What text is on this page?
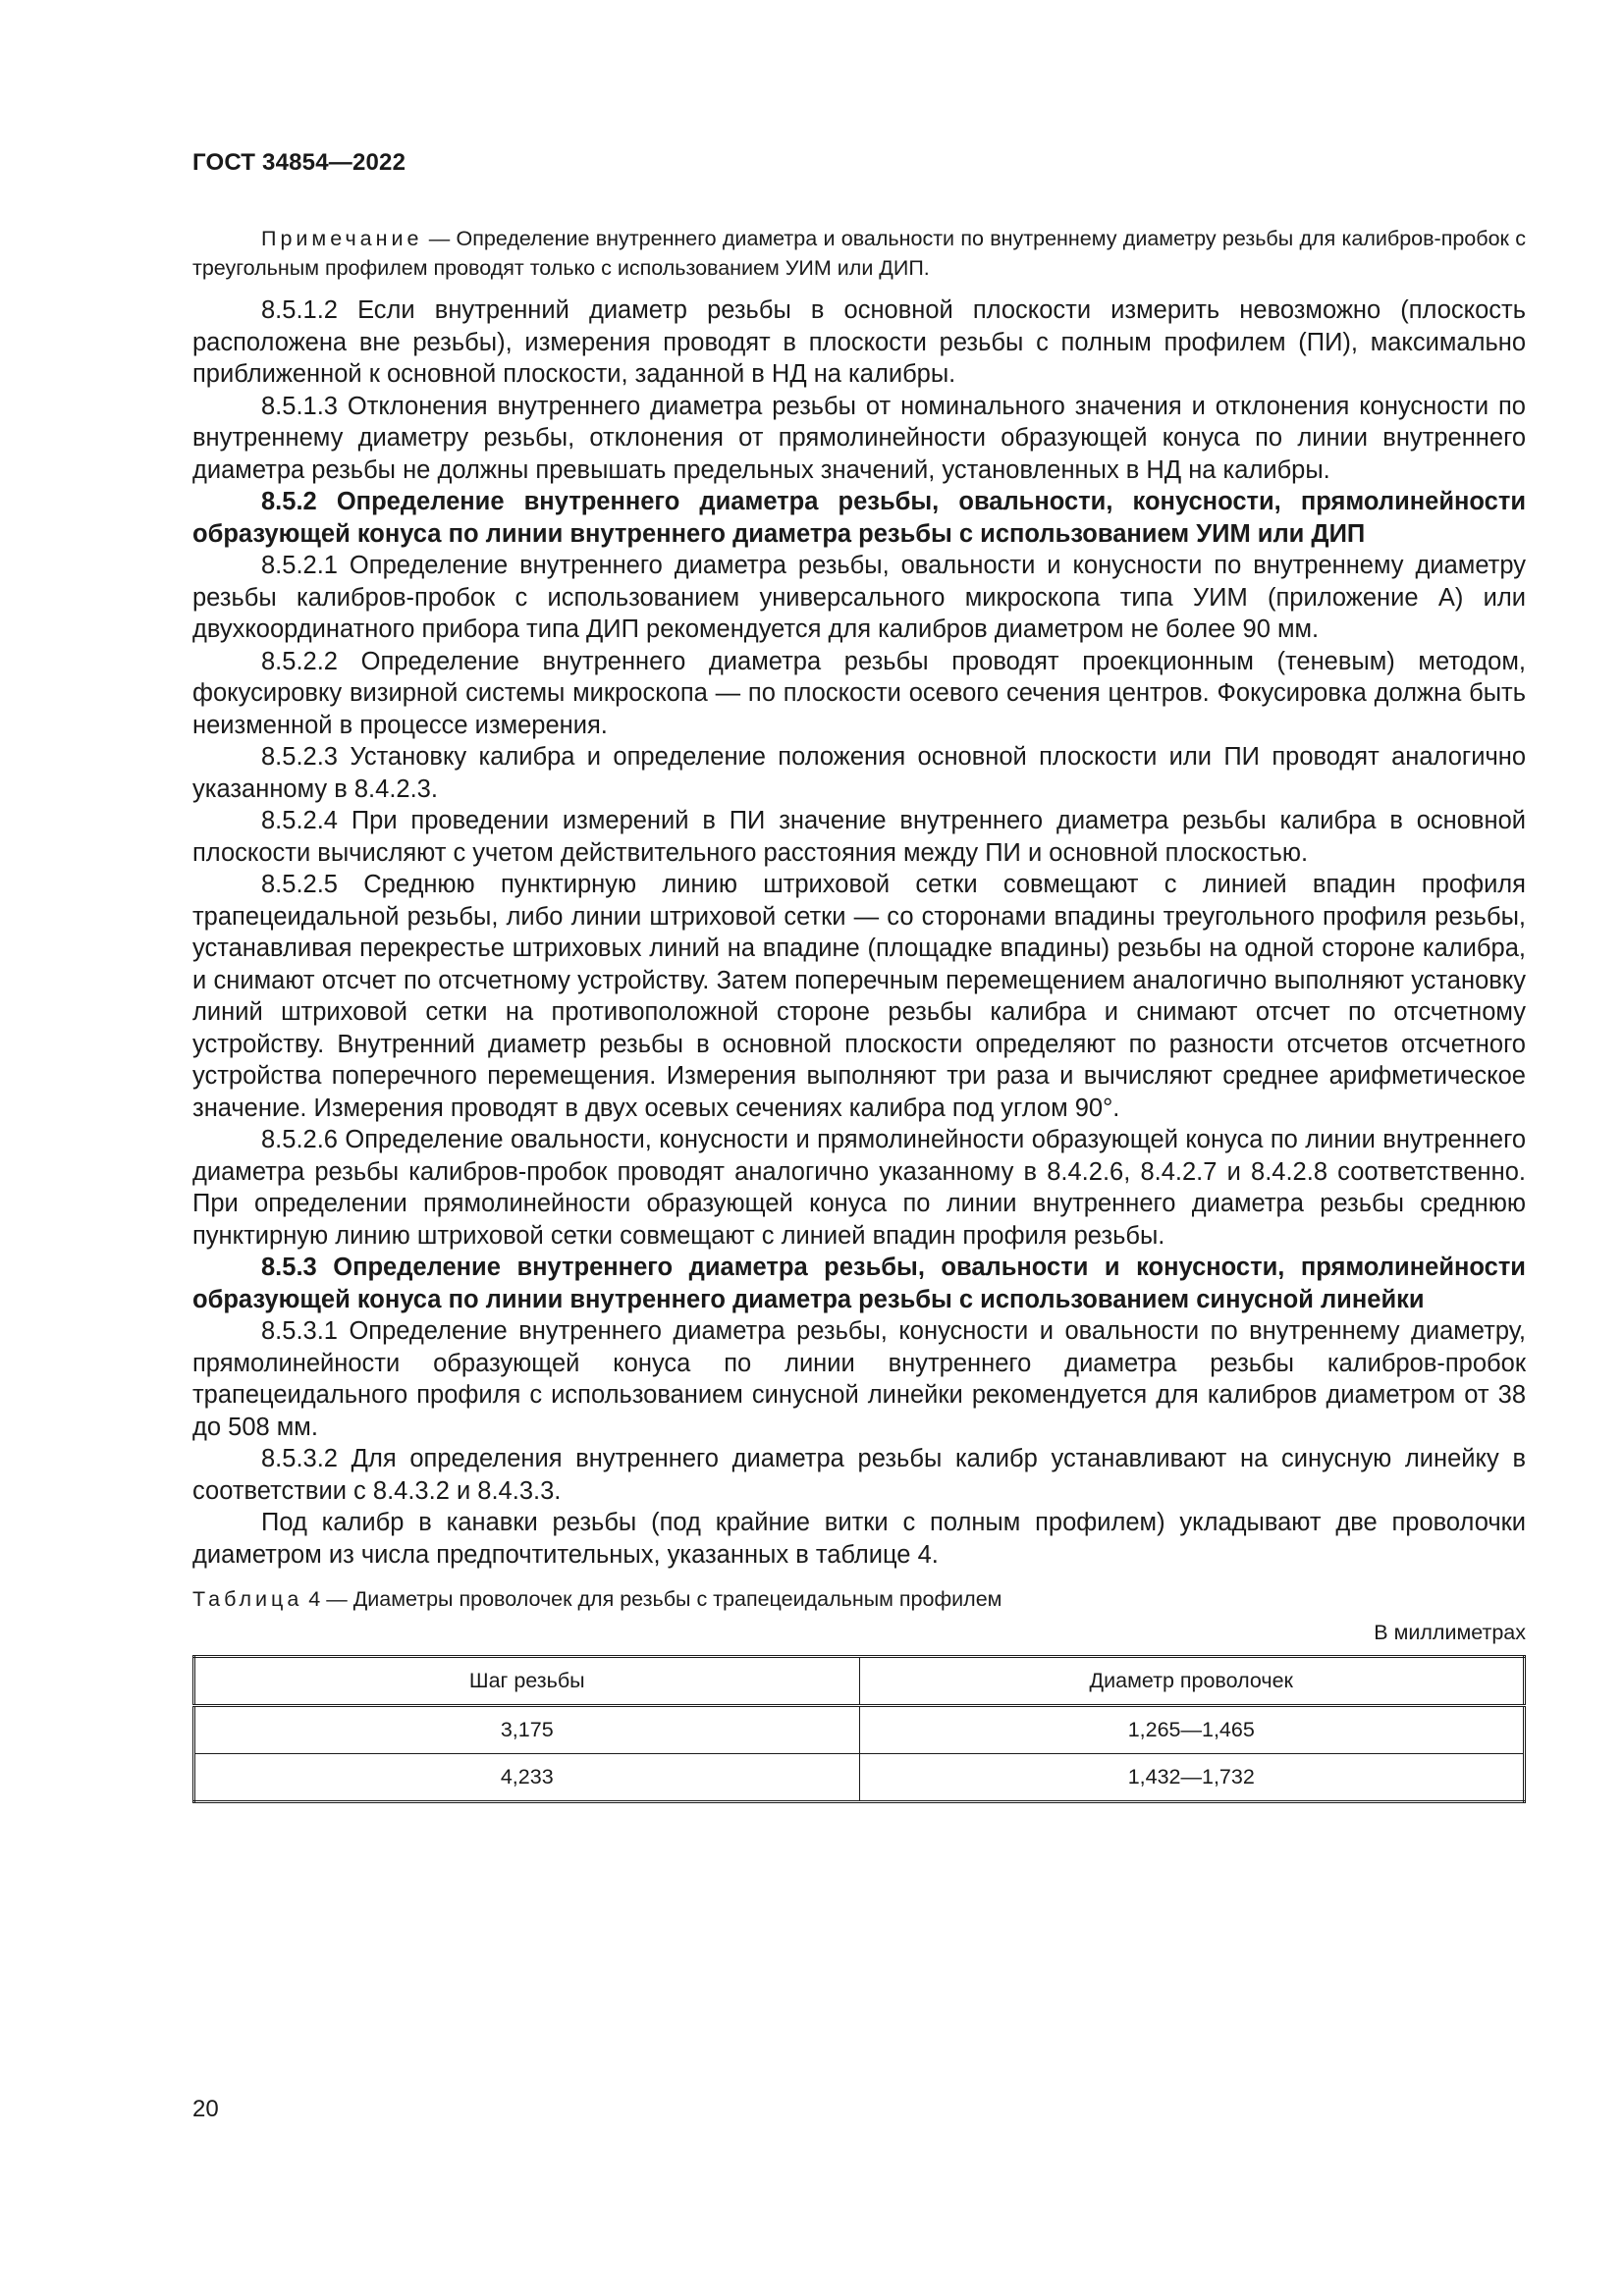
ГОСТ 34854—2022

Примечание — Определение внутреннего диаметра и овальности по внутреннему диаметру резьбы для калибров-пробок с треугольным профилем проводят только с использованием УИМ или ДИП.

8.5.1.2 Если внутренний диаметр резьбы в основной плоскости измерить невозможно (плоскость расположена вне резьбы), измерения проводят в плоскости резьбы с полным профилем (ПИ), максимально приближенной к основной плоскости, заданной в НД на калибры.

8.5.1.3 Отклонения внутреннего диаметра резьбы от номинального значения и отклонения конусности по внутреннему диаметру резьбы, отклонения от прямолинейности образующей конуса по линии внутреннего диаметра резьбы не должны превышать предельных значений, установленных в НД на калибры.

8.5.2 Определение внутреннего диаметра резьбы, овальности, конусности, прямолинейности образующей конуса по линии внутреннего диаметра резьбы с использованием УИМ или ДИП

8.5.2.1 Определение внутреннего диаметра резьбы, овальности и конусности по внутреннему диаметру резьбы калибров-пробок с использованием универсального микроскопа типа УИМ (приложение А) или двухкоординатного прибора типа ДИП рекомендуется для калибров диаметром не более 90 мм.

8.5.2.2 Определение внутреннего диаметра резьбы проводят проекционным (теневым) методом, фокусировку визирной системы микроскопа — по плоскости осевого сечения центров. Фокусировка должна быть неизменной в процессе измерения.

8.5.2.3 Установку калибра и определение положения основной плоскости или ПИ проводят аналогично указанному в 8.4.2.3.

8.5.2.4 При проведении измерений в ПИ значение внутреннего диаметра резьбы калибра в основной плоскости вычисляют с учетом действительного расстояния между ПИ и основной плоскостью.

8.5.2.5 Среднюю пунктирную линию штриховой сетки совмещают с линией впадин профиля трапецеидальной резьбы, либо линии штриховой сетки — со сторонами впадины треугольного профиля резьбы, устанавливая перекрестье штриховых линий на впадине (площадке впадины) резьбы на одной стороне калибра, и снимают отсчет по отсчетному устройству. Затем поперечным перемещением аналогично выполняют установку линий штриховой сетки на противоположной стороне резьбы калибра и снимают отсчет по отсчетному устройству. Внутренний диаметр резьбы в основной плоскости определяют по разности отсчетов отсчетного устройства поперечного перемещения. Измерения выполняют три раза и вычисляют среднее арифметическое значение. Измерения проводят в двух осевых сечениях калибра под углом 90°.

8.5.2.6 Определение овальности, конусности и прямолинейности образующей конуса по линии внутреннего диаметра резьбы калибров-пробок проводят аналогично указанному в 8.4.2.6, 8.4.2.7 и 8.4.2.8 соответственно. При определении прямолинейности образующей конуса по линии внутреннего диаметра резьбы среднюю пунктирную линию штриховой сетки совмещают с линией впадин профиля резьбы.

8.5.3 Определение внутреннего диаметра резьбы, овальности и конусности, прямолинейности образующей конуса по линии внутреннего диаметра резьбы с использованием синусной линейки

8.5.3.1 Определение внутреннего диаметра резьбы, конусности и овальности по внутреннему диаметру, прямолинейности образующей конуса по линии внутреннего диаметра резьбы калибров-пробок трапецеидального профиля с использованием синусной линейки рекомендуется для калибров диаметром от 38 до 508 мм.

8.5.3.2 Для определения внутреннего диаметра резьбы калибр устанавливают на синусную линейку в соответствии с 8.4.3.2 и 8.4.3.3.

Под калибр в канавки резьбы (под крайние витки с полным профилем) укладывают две проволочки диаметром из числа предпочтительных, указанных в таблице 4.

Таблица 4 — Диаметры проволочек для резьбы с трапецеидальным профилем

В миллиметрах
Шаг резьбы	Диаметр проволочек
3,175	1,265—1,465
4,233	1,432—1,732
20
